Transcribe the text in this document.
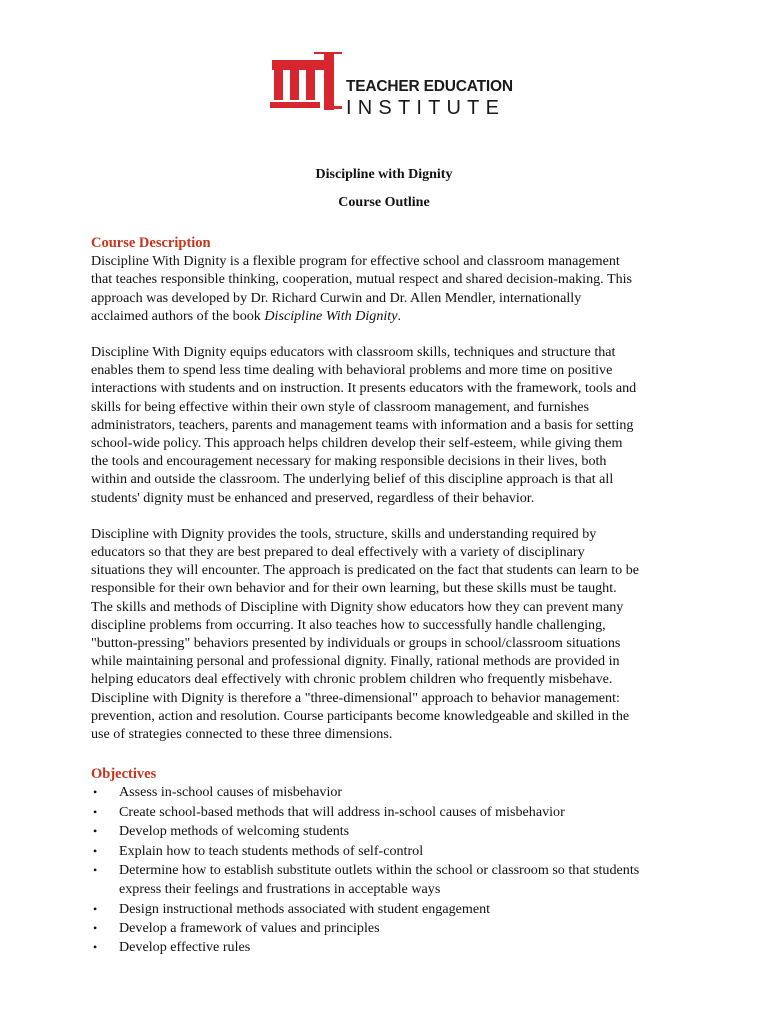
TEACHER EDUCATION
INSTITUTE
Discipline with Dignity
Course Outline
Course Description

Discipline With Dignity is a flexible program for effective school and classroom management
that teaches responsible thinking, cooperation, mutual respect and shared decision-making. This
approach was developed by Dr. Richard Curwin and Dr. Allen Mendler, internationally
acclaimed authors of the book Discipline With Dignity.

Discipline With Dignity equips educators with classroom skills, techniques and structure that
enables them to spend less time dealing with behavioral problems and more time on positive
interactions with students and on instruction. It presents educators with the framework, tools and
skills for being effective within their own style of classroom management, and furnishes
administrators, teachers, parents and management teams with information and a basis for setting
school-wide policy. This approach helps children develop their self-esteem, while giving them
the tools and encouragement necessary for making responsible decisions in their lives, both
within and outside the classroom. The underlying belief of this discipline approach is that all
students' dignity must be enhanced and preserved, regardless of their behavior.

Discipline with Dignity provides the tools, structure, skills and understanding required by
educators so that they are best prepared to deal effectively with a variety of disciplinary
situations they will encounter. The approach is predicated on the fact that students can learn to be
responsible for their own behavior and for their own learning, but these skills must be taught.
The skills and methods of Discipline with Dignity show educators how they can prevent many
discipline problems from occurring. It also teaches how to successfully handle challenging,
"button-pressing" behaviors presented by individuals or groups in school/classroom situations
while maintaining personal and professional dignity. Finally, rational methods are provided in
helping educators deal effectively with chronic problem children who frequently misbehave.
Discipline with Dignity is therefore a "three-dimensional" approach to behavior management:
prevention, action and resolution. Course participants become knowledgeable and skilled in the
use of strategies connected to these three dimensions.

Objectives
• Assess in-school causes of misbehavior
• Create school-based methods that will address in-school causes of misbehavior
• Develop methods of welcoming students
• Explain how to teach students methods of self-control
• Determine how to establish substitute outlets within the school or classroom so that students
express their feelings and frustrations in acceptable ways
• Design instructional methods associated with student engagement
• Develop a framework of values and principles
• Develop effective rules
